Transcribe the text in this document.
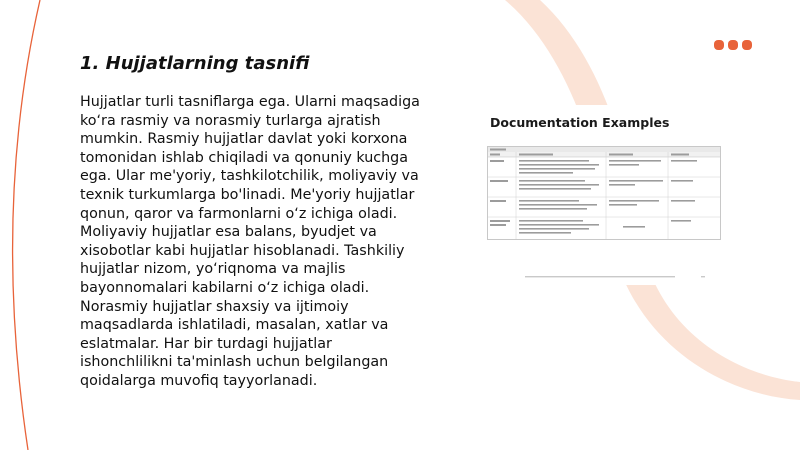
1. Hujjatlarning tasnifi

Hujjatlar turli tasniflarga ega. Ularni maqsadiga ko‘ra rasmiy va norasmiy turlarga ajratish mumkin. Rasmiy hujjatlar davlat yoki korxona tomonidan ishlab chiqiladi va qonuniy kuchga ega. Ular me'yoriy, tashkilotchilik, moliyaviy va texnik turkumlarga bo'linadi. Me'yoriy hujjatlar qonun, qaror va farmonlarni o‘z ichiga oladi. Moliyaviy hujjatlar esa balans, byudjet va xisobotlar kabi hujjatlar hisoblanadi. Tashkiliy hujjatlar nizom, yo‘riqnoma va majlis bayonnomalari kabilarni o‘z ichiga oladi. Norasmiy hujjatlar shaxsiy va ijtimoiy maqsadlarda ishlatiladi, masalan, xatlar va eslatmalar. Har bir turdagi hujjatlar ishonchlilikni ta'minlash uchun belgilangan qoidalarga muvofiq tayyorlanadi.

Documentation Examples
